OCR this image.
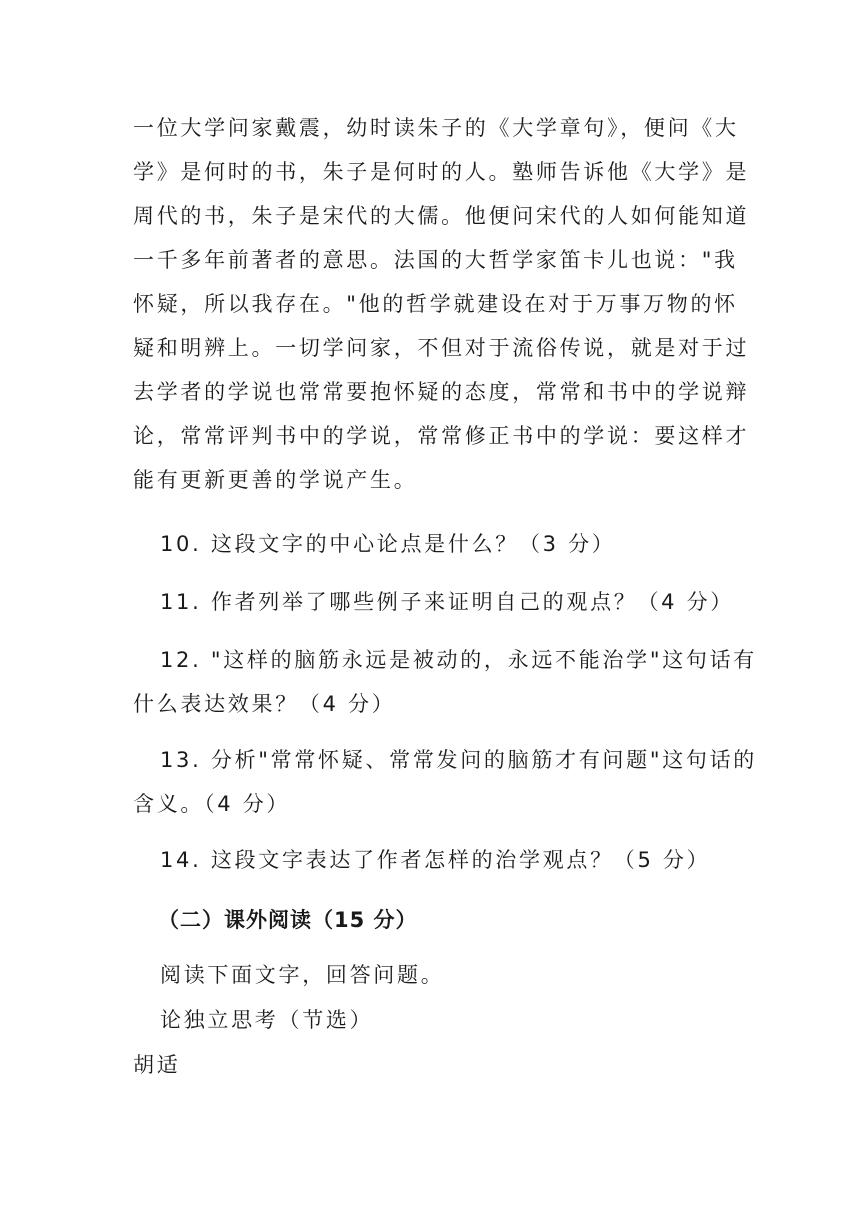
一位大学问家戴震，幼时读朱子的《大学章句》，便问《大
学》是何时的书，朱子是何时的人。塾师告诉他《大学》是
周代的书，朱子是宋代的大儒。他便问宋代的人如何能知道
一千多年前著者的意思。法国的大哲学家笛卡儿也说："我
怀疑，所以我存在。"他的哲学就建设在对于万事万物的怀
疑和明辨上。一切学问家，不但对于流俗传说，就是对于过
去学者的学说也常常要抱怀疑的态度，常常和书中的学说辩
论，常常评判书中的学说，常常修正书中的学说：要这样才
能有更新更善的学说产生。
10. 这段文字的中心论点是什么？（3 分）
11. 作者列举了哪些例子来证明自己的观点？（4 分）
12. "这样的脑筋永远是被动的，永远不能治学"这句话有
什么表达效果？（4 分）
13. 分析"常常怀疑、常常发问的脑筋才有问题"这句话的
含义。（4 分）
14. 这段文字表达了作者怎样的治学观点？（5 分）
（二）课外阅读（15 分）
阅读下面文字，回答问题。
论独立思考（节选）
胡适
